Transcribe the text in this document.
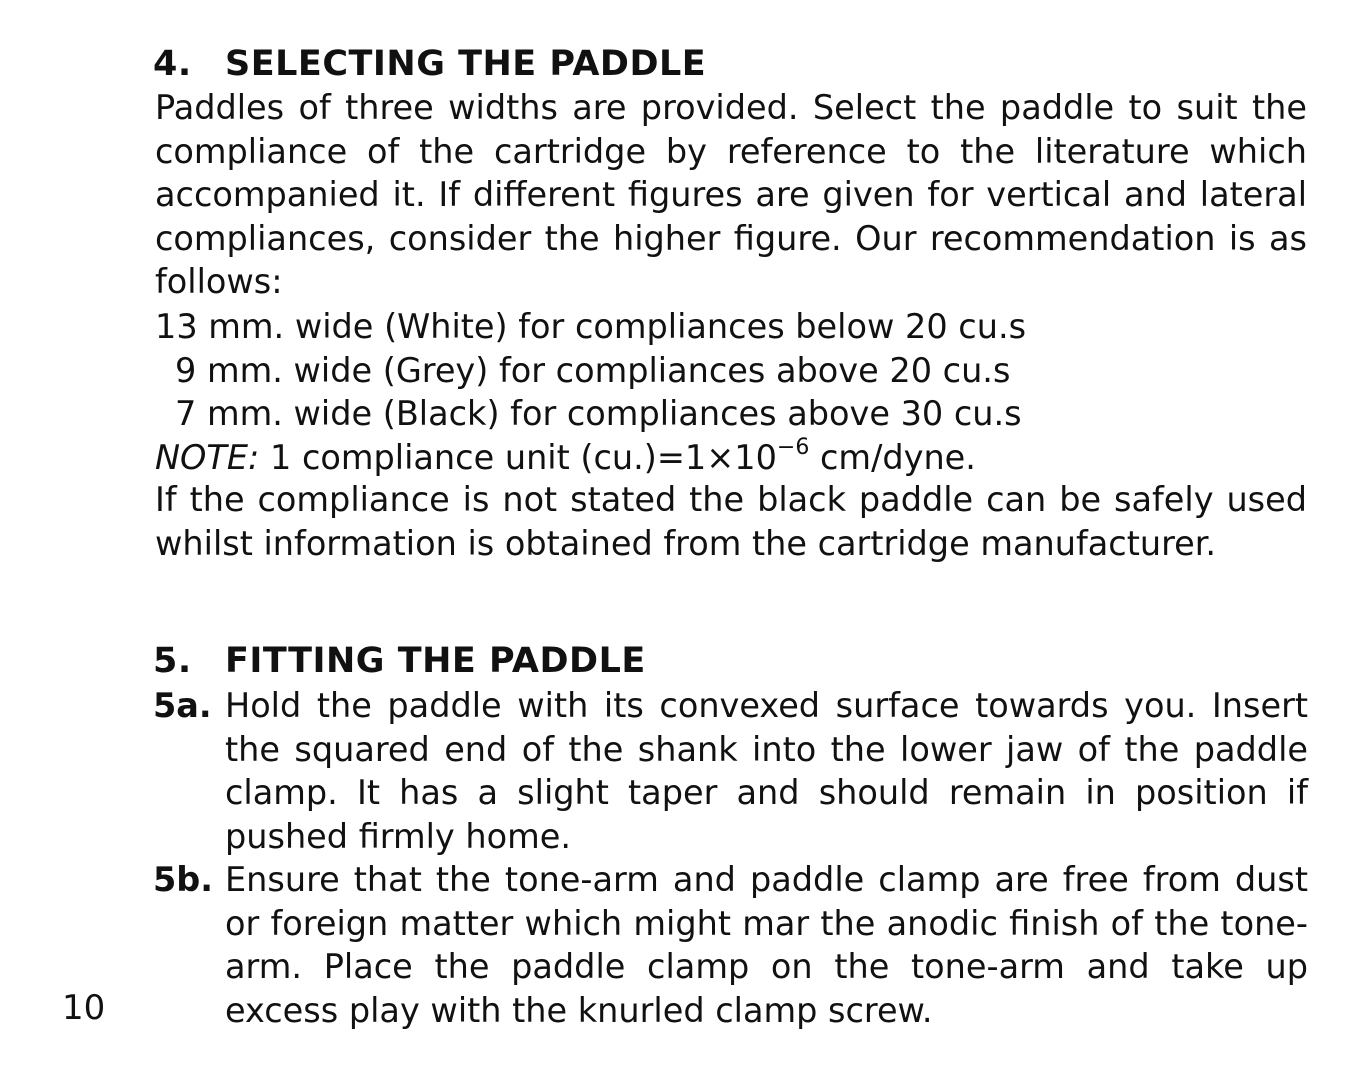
4. SELECTING THE PADDLE

Paddles of three widths are provided. Select the paddle to suit the compliance of the cartridge by reference to the literature which accompanied it. If different figures are given for vertical and lateral compliances, consider the higher figure. Our recommendation is as follows:

13 mm. wide (White) for compliances below 20 cu.s
9 mm. wide (Grey) for compliances above 20 cu.s
7 mm. wide (Black) for compliances above 30 cu.s
NOTE: 1 compliance unit $(cu.)=1\times 10^{-6}$ cm/dyne.

If the compliance is not stated the black paddle can be safely used whilst information is obtained from the cartridge manufacturer.

5. FITTING THE PADDLE
5a. Hold the paddle with its convexed surface towards you. Insert the squared end of the shank into the lower jaw of the paddle clamp. It has a slight taper and should remain in position if pushed firmly home.
5b. Ensure that the tone-arm and paddle clamp are free from dust or foreign matter which might mar the anodic finish of the tone-arm. Place the paddle clamp on the tone-arm and take up excess play with the knurled clamp screw.
10
